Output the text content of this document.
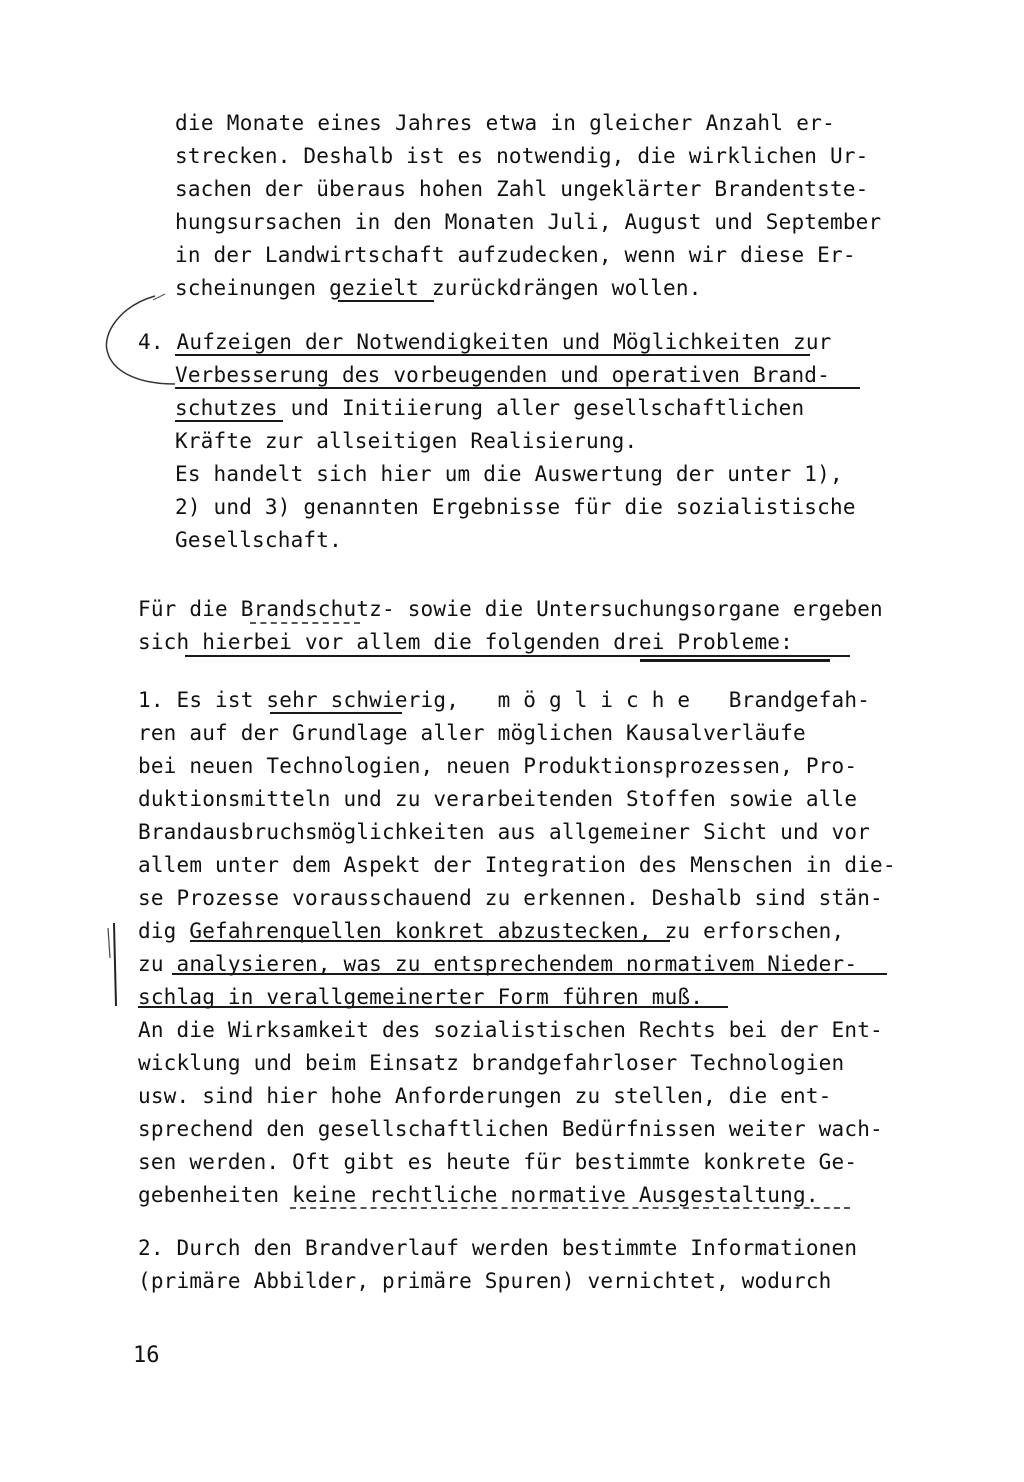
die Monate eines Jahres etwa in gleicher Anzahl er-

strecken. Deshalb ist es notwendig, die wirklichen Ur-

sachen der überaus hohen Zahl ungeklärter Brandentste-

hungsursachen in den Monaten Juli, August und September

in der Landwirtschaft aufzudecken, wenn wir diese Er-

scheinungen gezielt zurückdrängen wollen.

4. Aufzeigen der Notwendigkeiten und Möglichkeiten zur

Verbesserung des vorbeugenden und operativen Brand-

schutzes und Initiierung aller gesellschaftlichen

Kräfte zur allseitigen Realisierung.

Es handelt sich hier um die Auswertung der unter 1),

2) und 3) genannten Ergebnisse für die sozialistische

Gesellschaft.

Für die Brandschutz- sowie die Untersuchungsorgane ergeben

sich hierbei vor allem die folgenden drei Probleme:

1. Es ist sehr schwierig,   m ö g l i c h e   Brandgefah-

ren auf der Grundlage aller möglichen Kausalverläufe

bei neuen Technologien, neuen Produktionsprozessen, Pro-

duktionsmitteln und zu verarbeitenden Stoffen sowie alle

Brandausbruchsmöglichkeiten aus allgemeiner Sicht und vor

allem unter dem Aspekt der Integration des Menschen in die-

se Prozesse vorausschauend zu erkennen. Deshalb sind stän-

dig Gefahrenquellen konkret abzustecken, zu erforschen,

zu analysieren, was zu entsprechendem normativem Nieder-

schlag in verallgemeinerter Form führen muß.

An die Wirksamkeit des sozialistischen Rechts bei der Ent-

wicklung und beim Einsatz brandgefahrloser Technologien

usw. sind hier hohe Anforderungen zu stellen, die ent-

sprechend den gesellschaftlichen Bedürfnissen weiter wach-

sen werden. Oft gibt es heute für bestimmte konkrete Ge-

gebenheiten keine rechtliche normative Ausgestaltung.

2. Durch den Brandverlauf werden bestimmte Informationen

(primäre Abbilder, primäre Spuren) vernichtet, wodurch

16
